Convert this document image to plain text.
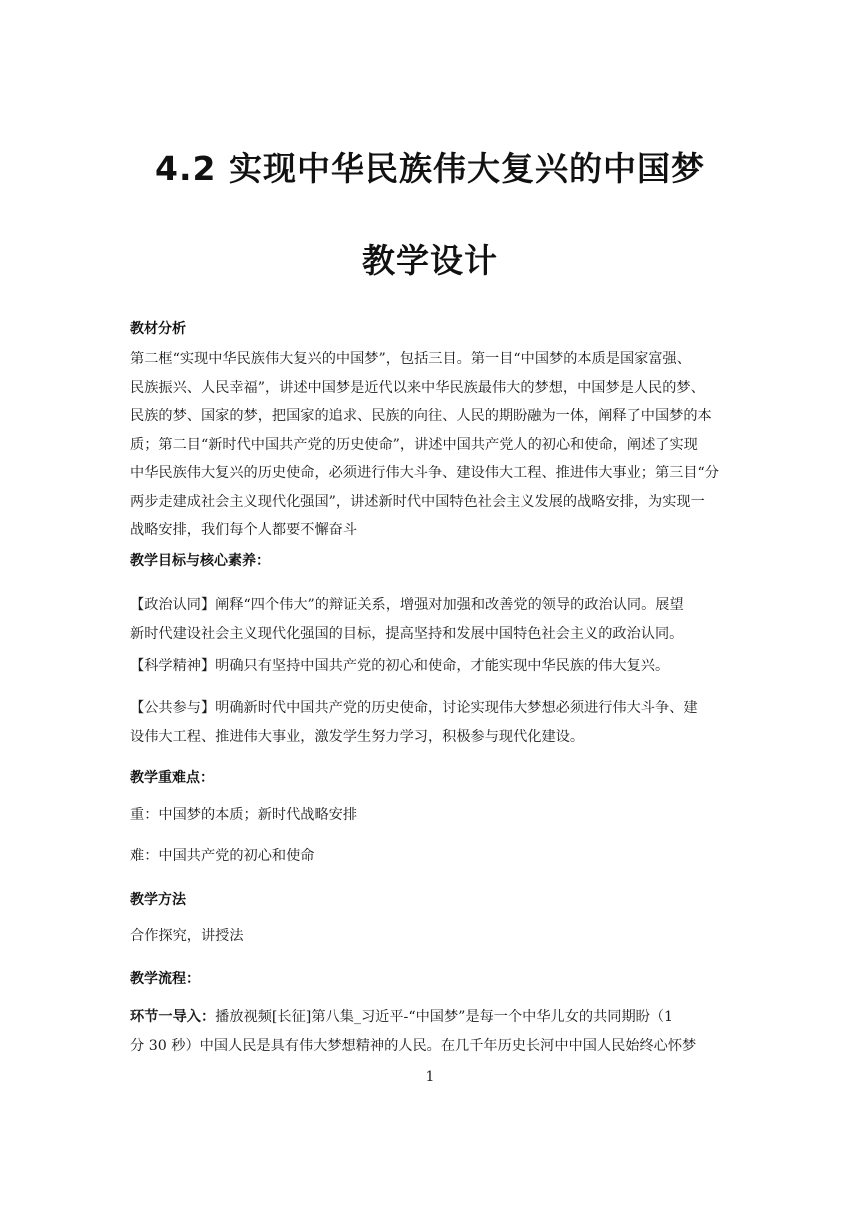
4.2 实现中华民族伟大复兴的中国梦
教学设计
教材分析
第二框“实现中华民族伟大复兴的中国梦”，包括三目。第一目“中国梦的本质是国家富强、
民族振兴、人民幸福”，讲述中国梦是近代以来中华民族最伟大的梦想，中国梦是人民的梦、
民族的梦、国家的梦，把国家的追求、民族的向往、人民的期盼融为一体，阐释了中国梦的本
质；第二目“新时代中国共产党的历史使命”，讲述中国共产党人的初心和使命，阐述了实现
中华民族伟大复兴的历史使命，必须进行伟大斗争、建设伟大工程、推进伟大事业；第三目“分
两步走建成社会主义现代化强国”，讲述新时代中国特色社会主义发展的战略安排，为实现一
战略安排，我们每个人都要不懈奋斗
教学目标与核心素养：
【政治认同】阐释“四个伟大”的辩证关系，增强对加强和改善党的领导的政治认同。展望
新时代建设社会主义现代化强国的目标，提高坚持和发展中国特色社会主义的政治认同。
【科学精神】明确只有坚持中国共产党的初心和使命，才能实现中华民族的伟大复兴。
【公共参与】明确新时代中国共产党的历史使命，讨论实现伟大梦想必须进行伟大斗争、建
设伟大工程、推进伟大事业，激发学生努力学习，积极参与现代化建设。
教学重难点：
重：中国梦的本质；新时代战略安排
难：中国共产党的初心和使命
教学方法
合作探究，讲授法
教学流程：
环节一导入：播放视频[长征]第八集_习近平-“中国梦”是每一个中华儿女的共同期盼（1
分 30 秒）中国人民是具有伟大梦想精神的人民。在几千年历史长河中中国人民始终心怀梦
1
